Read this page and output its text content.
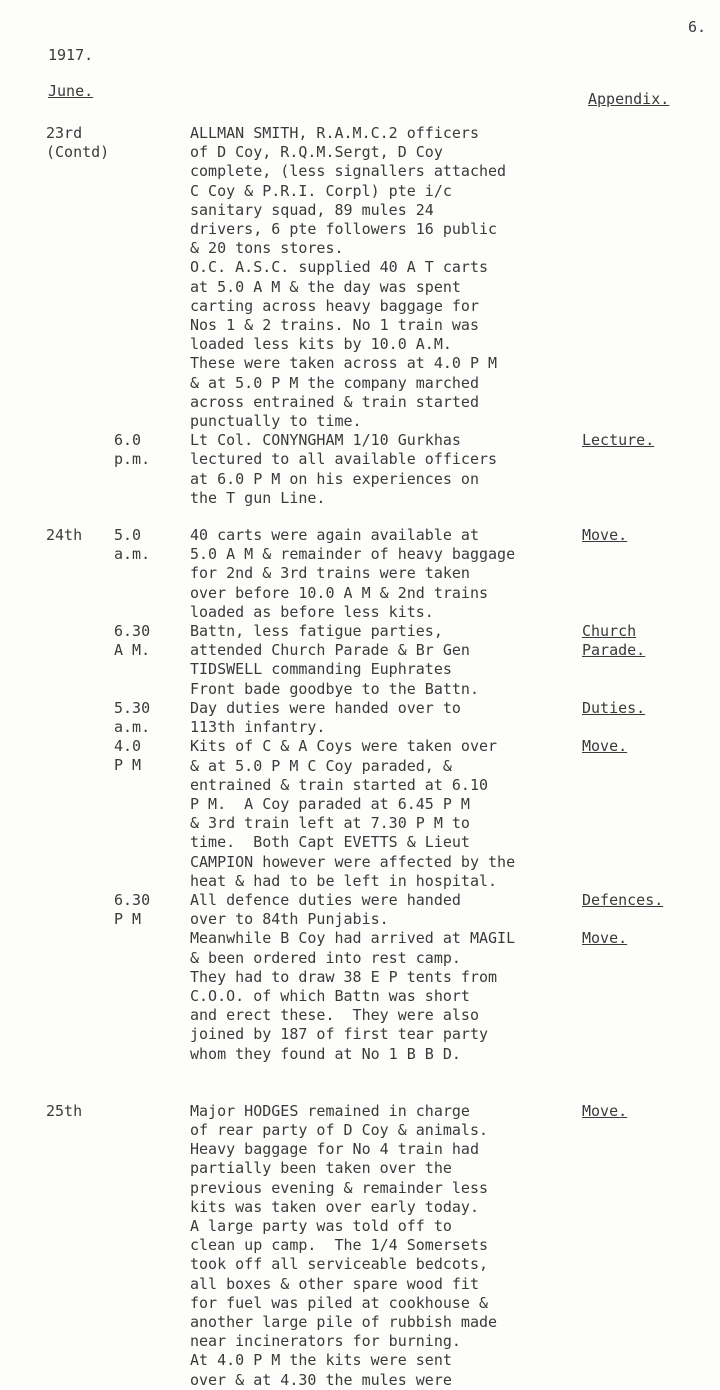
6.
1917.
June.	Appendix.
23rd
(Contd)
ALLMAN SMITH, R.A.M.C.2 officers
of D Coy, R.Q.M.Sergt, D Coy
complete, (less signallers attached
C Coy & P.R.I. Corpl) pte i/c
sanitary squad, 89 mules 24
drivers, 6 pte followers 16 public
& 20 tons stores.
O.C. A.S.C. supplied 40 A T carts
at 5.0 A M & the day was spent
carting across heavy baggage for
Nos 1 & 2 trains. No 1 train was
loaded less kits by 10.0 A.M.
These were taken across at 4.0 P M
& at 5.0 P M the company marched
across entrained & train started
punctually to time.
6.0
p.m.
Lecture.
Lt Col. CONYNGHAM 1/10 Gurkhas
lectured to all available officers
at 6.0 P M on his experiences on
the T gun Line.
24th 5.0
a.m.
Move.
40 carts were again available at
5.0 A M & remainder of heavy baggage
for 2nd & 3rd trains were taken
over before 10.0 A M & 2nd trains
loaded as before less kits.
6.30
A M.
Church
Parade.
Battn, less fatigue parties,
attended Church Parade & Br Gen
TIDSWELL commanding Euphrates
Front bade goodbye to the Battn.
5.30
a.m.
Duties.
Day duties were handed over to
113th infantry.
4.0
P M
Move.
Kits of C & A Coys were taken over
& at 5.0 P M C Coy paraded, &
entrained & train started at 6.10
P M.  A Coy paraded at 6.45 P M
& 3rd train left at 7.30 P M to
time.  Both Capt EVETTS & Lieut
CAMPION however were affected by the
heat & had to be left in hospital.
6.30
P M
Defences.
All defence duties were handed
over to 84th Punjabis.
Move.
Meanwhile B Coy had arrived at MAGIL
& been ordered into rest camp.
They had to draw 38 E P tents from
C.O.O. of which Battn was short
and erect these.  They were also
joined by 187 of first tear party
whom they found at No 1 B B D.
25th	Move.
Major HODGES remained in charge
of rear party of D Coy & animals.
Heavy baggage for No 4 train had
partially been taken over the
previous evening & remainder less
kits was taken over early today.
A large party was told off to
clean up camp.  The 1/4 Somersets
took off all serviceable bedcots,
all boxes & other spare wood fit
for fuel was piled at cookhouse &
another large pile of rubbish made
near incinerators for burning.
At 4.0 P M the kits were sent
over & at 4.30 the mules were
